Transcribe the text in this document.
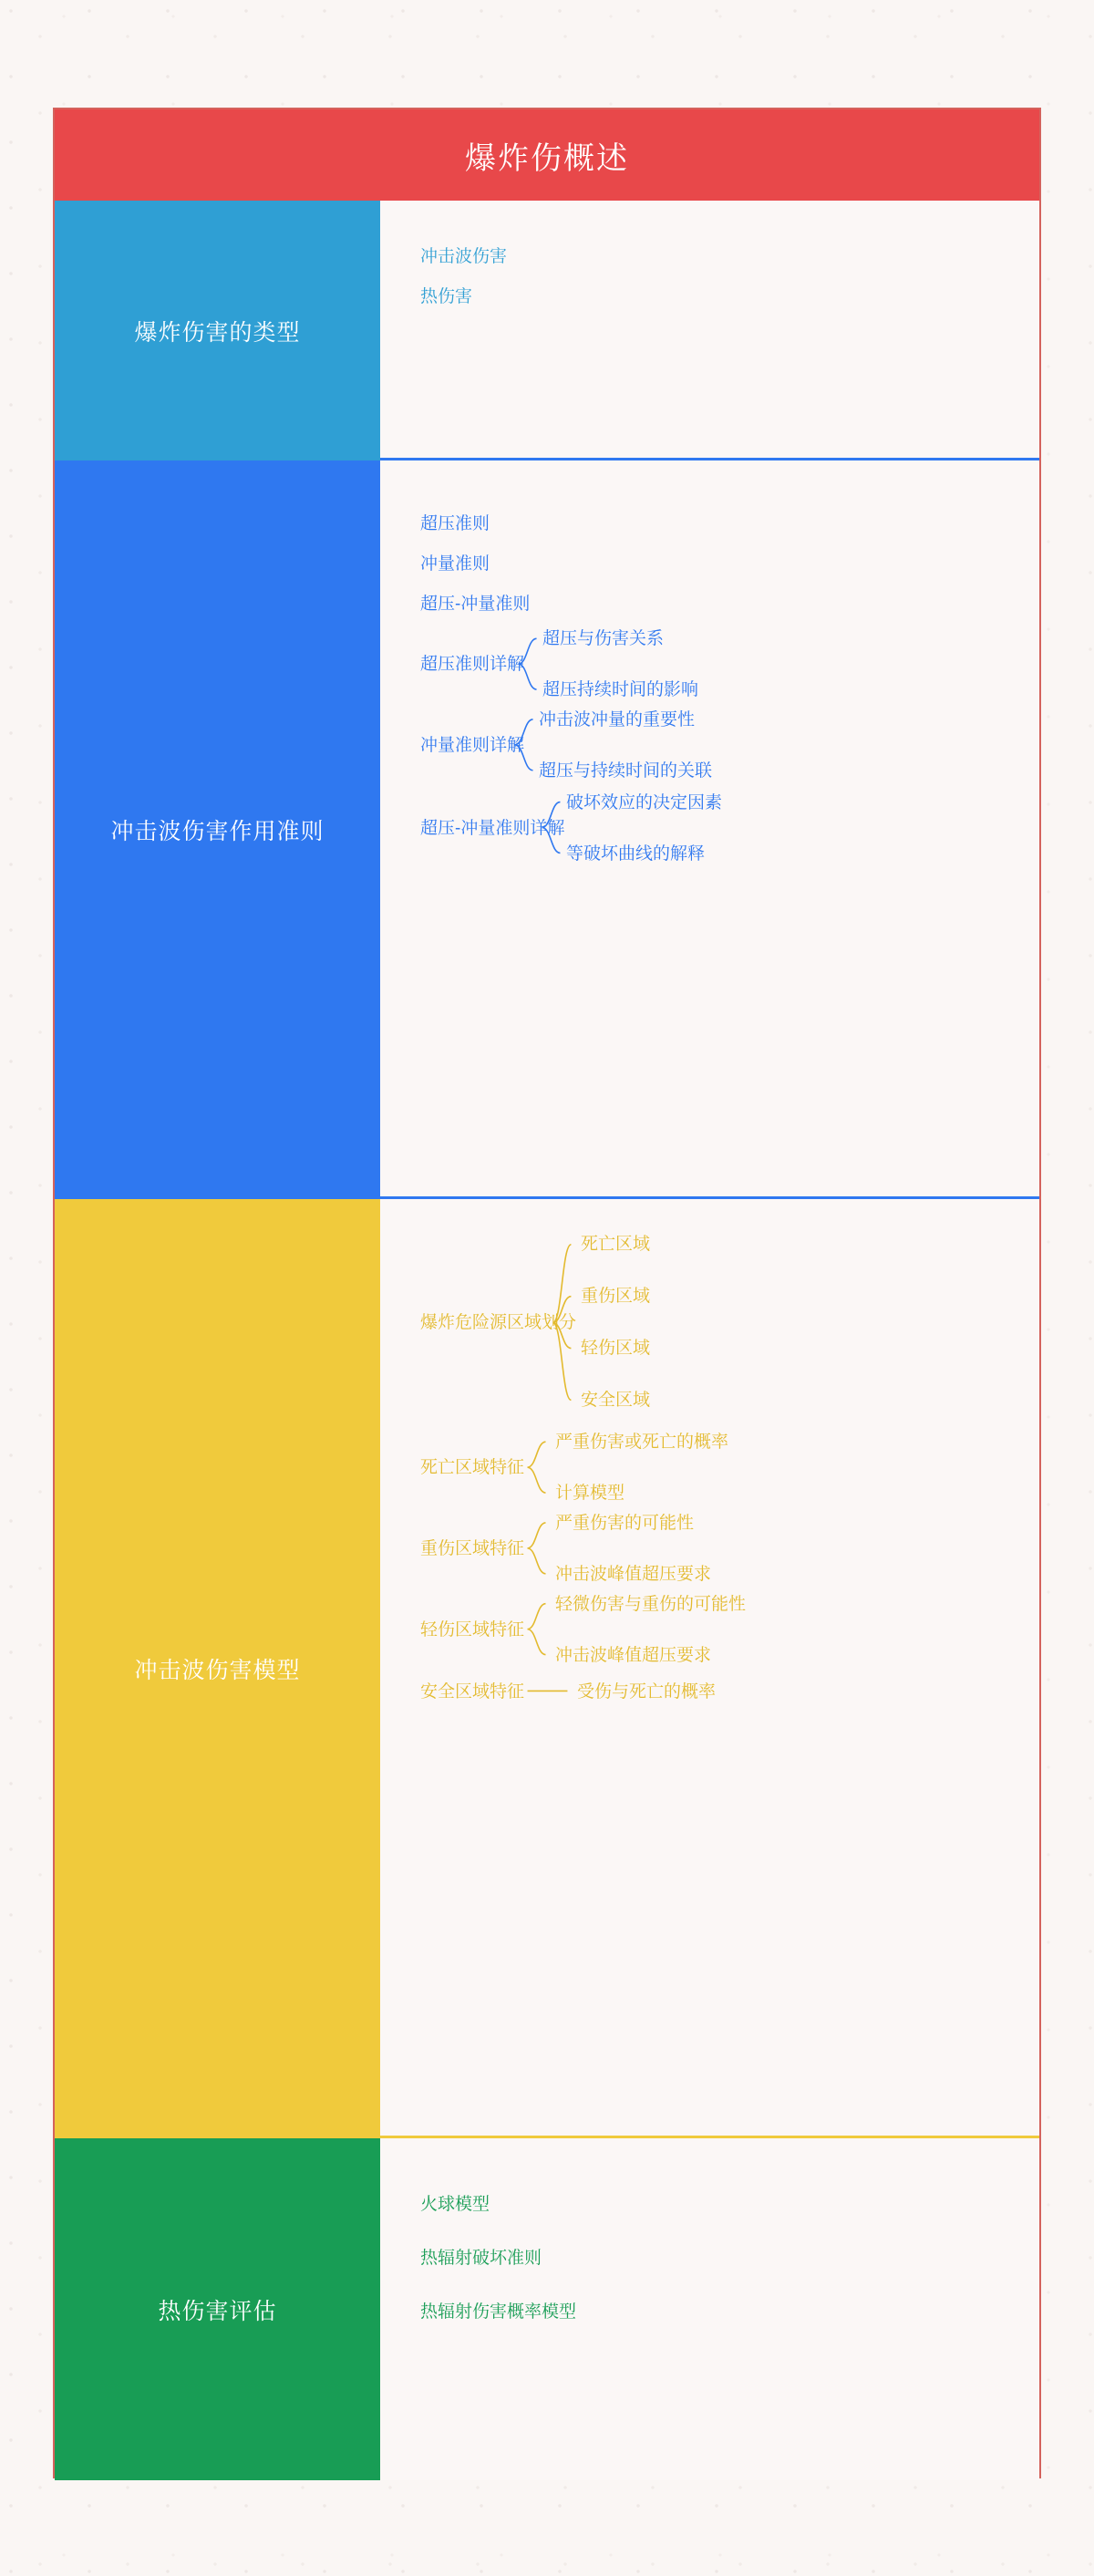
爆炸伤概述
爆炸伤害的类型
冲击波伤害
热伤害
冲击波伤害作用准则
超压准则
冲量准则
超压-冲量准则
超压准则详解
超压与伤害关系
超压持续时间的影响
冲量准则详解
冲击波冲量的重要性
超压与持续时间的关联
超压-冲量准则详解
破坏效应的决定因素
等破坏曲线的解释
冲击波伤害模型
爆炸危险源区域划分
死亡区域
重伤区域
轻伤区域
安全区域
死亡区域特征
严重伤害或死亡的概率
计算模型
重伤区域特征
严重伤害的可能性
冲击波峰值超压要求
轻伤区域特征
轻微伤害与重伤的可能性
冲击波峰值超压要求
安全区域特征	受伤与死亡的概率
热伤害评估
火球模型
热辐射破坏准则
热辐射伤害概率模型
